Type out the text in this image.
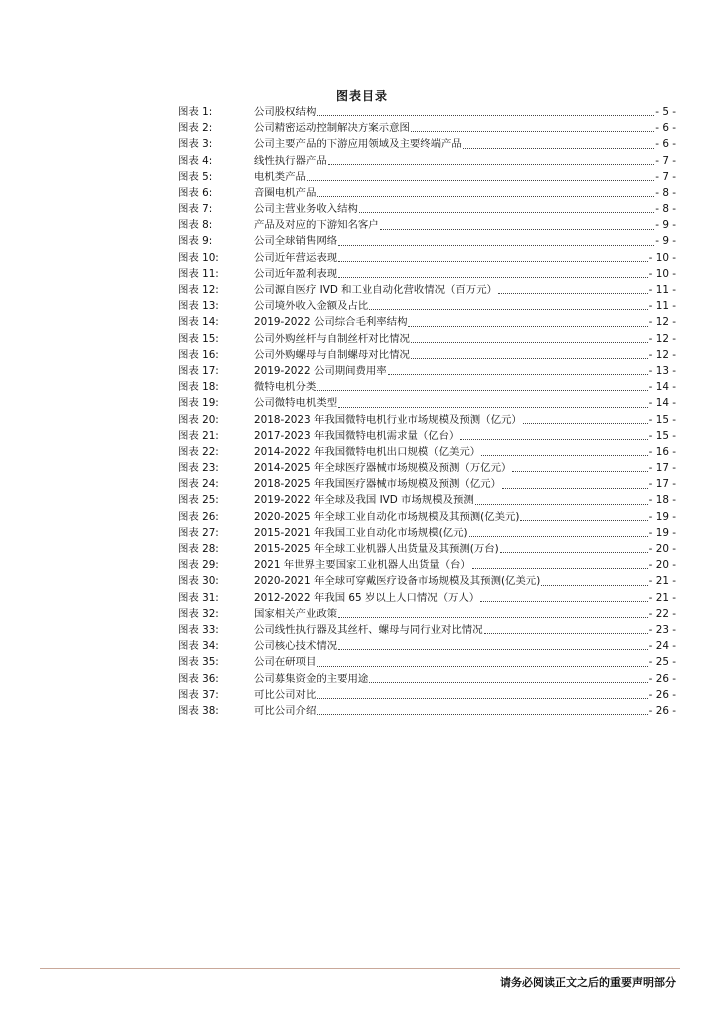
图表目录
图表 1:	公司股权结构	- 5 -
图表 2:	公司精密运动控制解决方案示意图	- 6 -
图表 3:	公司主要产品的下游应用领域及主要终端产品	- 6 -
图表 4:	线性执行器产品	- 7 -
图表 5:	电机类产品	- 7 -
图表 6:	音圈电机产品	- 8 -
图表 7:	公司主营业务收入结构	- 8 -
图表 8:	产品及对应的下游知名客户	- 9 -
图表 9:	公司全球销售网络	- 9 -
图表 10:	公司近年营运表现	- 10 -
图表 11:	公司近年盈利表现	- 10 -
图表 12:	公司源自医疗 IVD 和工业自动化营收情况（百万元）	- 11 -
图表 13:	公司境外收入金额及占比	- 11 -
图表 14:	2019-2022 公司综合毛利率结构	- 12 -
图表 15:	公司外购丝杆与自制丝杆对比情况	- 12 -
图表 16:	公司外购螺母与自制螺母对比情况	- 12 -
图表 17:	2019-2022 公司期间费用率	- 13 -
图表 18:	微特电机分类	- 14 -
图表 19:	公司微特电机类型	- 14 -
图表 20:	2018-2023 年我国微特电机行业市场规模及预测（亿元）	- 15 -
图表 21:	2017-2023 年我国微特电机需求量（亿台）	- 15 -
图表 22:	2014-2022 年我国微特电机出口规模（亿美元）	- 16 -
图表 23:	2014-2025 年全球医疗器械市场规模及预测（万亿元）	- 17 -
图表 24:	2018-2025 年我国医疗器械市场规模及预测（亿元）	- 17 -
图表 25:	2019-2022 年全球及我国 IVD 市场规模及预测	- 18 -
图表 26:	2020-2025 年全球工业自动化市场规模及其预测(亿美元)	- 19 -
图表 27:	2015-2021 年我国工业自动化市场规模(亿元)	- 19 -
图表 28:	2015-2025 年全球工业机器人出货量及其预测(万台)	- 20 -
图表 29:	2021 年世界主要国家工业机器人出货量（台）	- 20 -
图表 30:	2020-2021 年全球可穿戴医疗设备市场规模及其预测(亿美元)	- 21 -
图表 31:	2012-2022 年我国 65 岁以上人口情况（万人）	- 21 -
图表 32:	国家相关产业政策	- 22 -
图表 33:	公司线性执行器及其丝杆、螺母与同行业对比情况	- 23 -
图表 34:	公司核心技术情况	- 24 -
图表 35:	公司在研项目	- 25 -
图表 36:	公司募集资金的主要用途	- 26 -
图表 37:	可比公司对比	- 26 -
图表 38:	可比公司介绍	- 26 -
请务必阅读正文之后的重要声明部分
